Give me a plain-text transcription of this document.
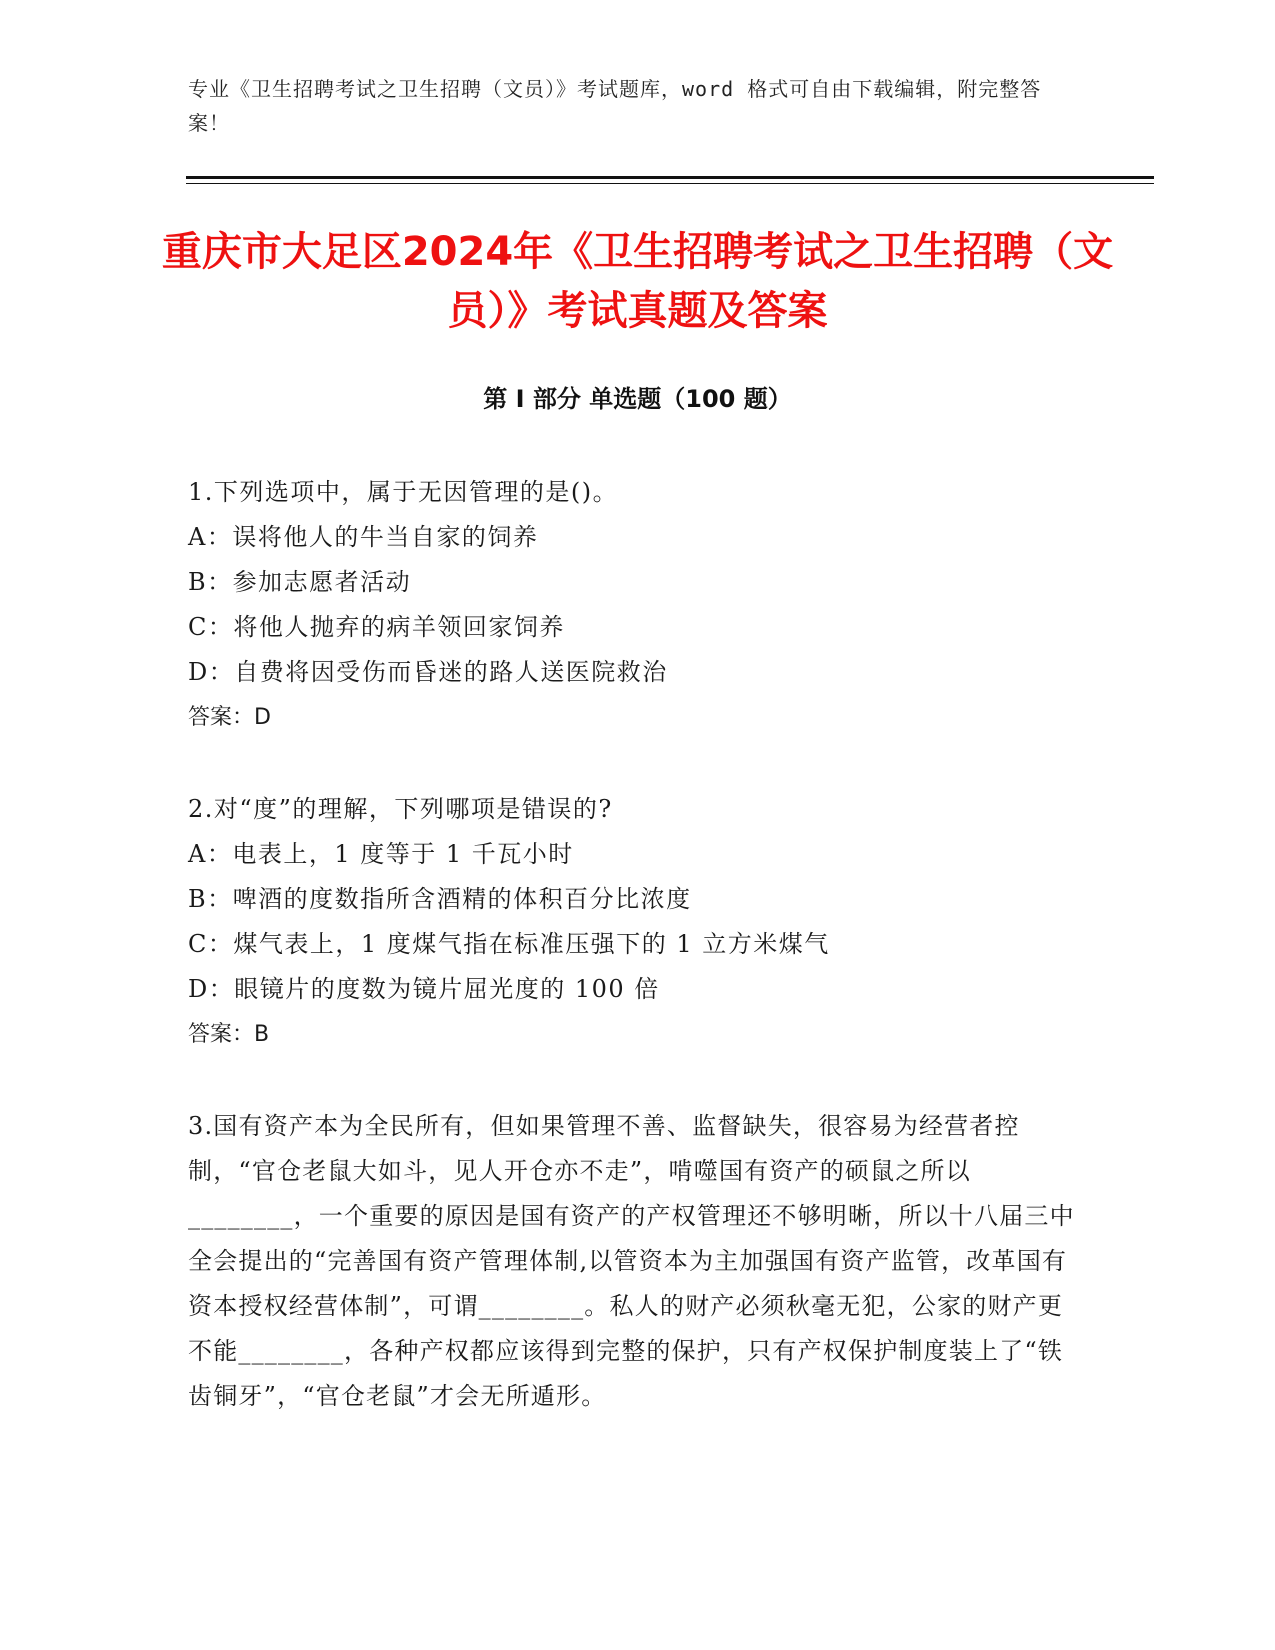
专业《卫生招聘考试之卫生招聘（文员）》考试题库，word 格式可自由下载编辑，附完整答案！
重庆市大足区2024年《卫生招聘考试之卫生招聘（文员）》考试真题及答案
第 I 部分 单选题（100 题）
1.下列选项中，属于无因管理的是()。
A：误将他人的牛当自家的饲养
B：参加志愿者活动
C：将他人抛弃的病羊领回家饲养
D：自费将因受伤而昏迷的路人送医院救治
答案：D
2.对“度”的理解，下列哪项是错误的?
A：电表上，1 度等于 1 千瓦小时
B：啤酒的度数指所含酒精的体积百分比浓度
C：煤气表上，1 度煤气指在标准压强下的 1 立方米煤气
D：眼镜片的度数为镜片屈光度的 100 倍
答案：B
3.国有资产本为全民所有，但如果管理不善、监督缺失，很容易为经营者控制，“官仓老鼠大如斗，见人开仓亦不走”，啃噬国有资产的硕鼠之所以________，一个重要的原因是国有资产的产权管理还不够明晰，所以十八届三中全会提出的“完善国有资产管理体制,以管资本为主加强国有资产监管，改革国有资本授权经营体制”，可谓________。私人的财产必须秋毫无犯，公家的财产更不能________，各种产权都应该得到完整的保护，只有产权保护制度装上了“铁齿铜牙”，“官仓老鼠”才会无所遁形。
